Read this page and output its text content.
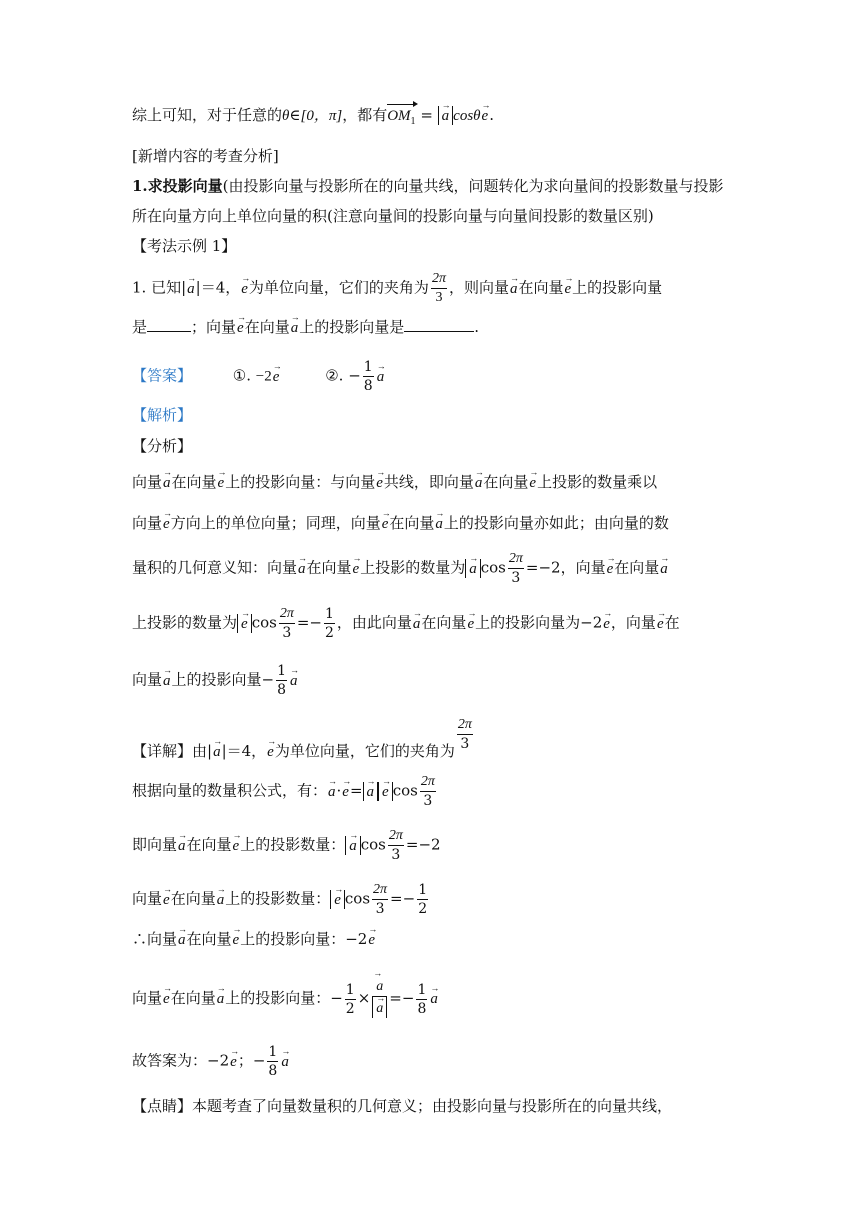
综上可知，对于任意的θ∈[0，π]，都有$OM_1$ = → a cosθ→ e.
[新增内容的考查分析]
1.求投影向量(由投影向量与投影所在的向量共线，问题转化为求向量间的投影数量与投影
所在向量方向上单位向量的积(注意向量间的投影向量与向量间投影的数量区别)
【考法示例 1】
1. 已知|→ a|＝4，→ e为单位向量，它们的夹角为 $\frac{2\pi}{3}$ ，则向量→ a在向量→ e上的投影向量
是	；向量→ e在向量→ a上的投影向量是	.
【答案】	①. −2→ e	②. − $\frac{1}{8}$
→ a
【解析】
【分析】
向量→ a在向量→ e上的投影向量：与向量→ e共线，即向量→ a在向量→ e上投影的数量乘以
向量→ e方向上的单位向量；同理，向量→ e在向量→ a上的投影向量亦如此；由向量的数
量积的几何意义知：向量→ a在向量→ e上投影的数量为→ a $\cos \frac{2\pi}{3} =-2$，向量→ e在向量→ a
上投影的数量为→ e $\cos \frac{2\pi}{3} =- \frac{1}{2}$ ，由此向量→ a在向量→ e上的投影向量为−2→ e，向量→ e在
向量→ a上的投影向量− $\frac{1}{8}$
→ a
【详解】由|→ a|＝4，→ e为单位向量，它们的夹角为 $\frac{2\pi}{3}$
根据向量的数量积公式，有：→ a·→ e=→ a→ e $\cos \frac{2\pi}{3}$
即向量→ a在向量→ e上的投影数量：→ a $\cos \frac{2\pi}{3} =-2$
向量→ e在向量→ a上的投影数量：→ e $\cos \frac{2\pi}{3} =- \frac{1}{2}$
∴向量→ a在向量→ e上的投影向量：−2→ e
向量→ e在向量→ a上的投影向量：− $\frac{1}{2}$ ×
→ a
→ $a =- \frac{1}{8}$
→ a
故答案为：−2→ e；− $\frac{1}{8}$
→ a
【点睛】本题考查了向量数量积的几何意义；由投影向量与投影所在的向量共线，
